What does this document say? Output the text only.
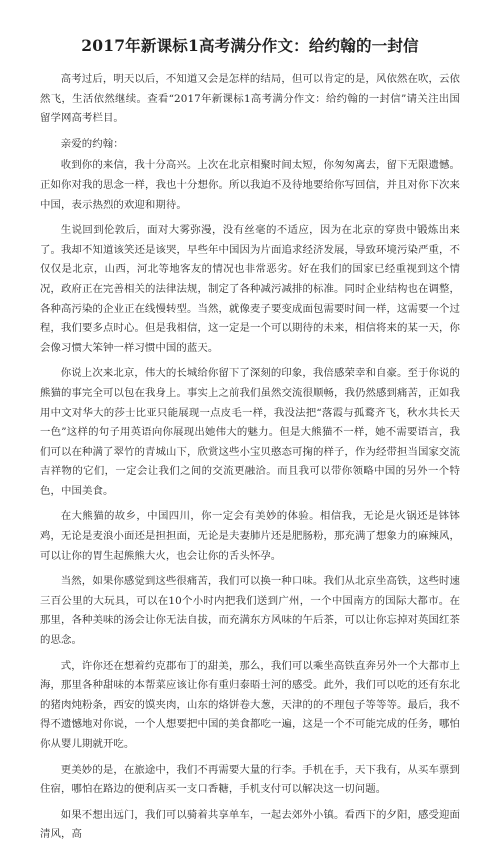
2017年新课标1高考满分作文：给约翰的一封信

高考过后，明天以后，不知道又会是怎样的结局，但可以肯定的是，风依然在吹，云依然飞，生活依然继续。查看“2017年新课标1高考满分作文：给约翰的一封信”请关注出国留学网高考栏目。

亲爱的约翰：

收到你的来信，我十分高兴。上次在北京相聚时间太短，你匆匆离去，留下无限遗憾。正如你对我的思念一样，我也十分想你。所以我迫不及待地要给你写回信，并且对你下次来中国，表示热烈的欢迎和期待。

生说回到伦敦后，面对大雾弥漫，没有丝毫的不适应，因为在北京的穿贵中锻炼出来了。我却不知道该笑还是该哭，早些年中国因为片面追求经济发展，导致环境污染严重，不仅仅是北京，山西，河北等地客友的情况也非常恶劣。好在我们的国家已经重视到这个情况，政府正在完善相关的法律法规，制定了各种减污减排的标准。同时企业结构也在调整，各种高污染的企业正在线慢转型。当然，就像麦子要变成面包需要时间一样，这需要一个过程，我们要多点时心。但是我相信，这一定是一个可以期待的未来，相信将来的某一天，你会像习惯大笨钟一样习惯中国的蓝天。

你说上次来北京，伟大的长城给你留下了深刻的印象，我倍感荣幸和自豪。至于你说的熊猫的事完全可以包在我身上。事实上之前我们虽然交流很顺畅，我仍然感到痛苦，正如我用中文对华大的莎士比亚只能展现一点皮毛一样，我没法把“落霞与孤鹜齐飞，秋水共长天一色”这样的句子用英语向你展现出她伟大的魅力。但是大熊猫不一样，她不需要语言，我们可以在种满了翠竹的青城山下，欣赏这些小宝贝憨态可掬的样子，作为经带担当国家交流吉祥物的它们，一定会让我们之间的交流更融洽。而且我可以带你领略中国的另外一个特色，中国美食。

在大熊猫的故乡，中国四川，你一定会有美妙的体验。相信我，无论是火锅还是钵钵鸡，无论是麦浪小面还是担担面，无论是夫妻肺片还是肥肠粉，那充满了想象力的麻辣风，可以让你的胃生起熊熊大火，也会让你的舌头怀孕。

当然，如果你感觉到这些很痛苦，我们可以换一种口味。我们从北京坐高铁，这些时速三百公里的大玩具，可以在10个小时内把我们送到广州，一个中国南方的国际大都市。在那里，各种美味的汤会让你无法自拔，而充满东方风味的午后茶，可以让你忘掉对英国红茶的思念。

式，许你还在想着约克郡布丁的甜美，那么，我们可以乘坐高铁直奔另外一个大都市上海，那里各种甜味的本帮菜应该让你有重归泰晤士河的感受。此外，我们可以吃的还有东北的猪肉炖粉条，西安的馍夹肉，山东的烙饼卷大葱，天津的的不理包子等等等。最后，我不得不遗憾地对你说，一个人想要把中国的美食都吃一遍，这是一个不可能完成的任务，哪怕你从婴儿期就开吃。

更美妙的是，在旅途中，我们不再需要大量的行李。手机在手，天下我有，从买车票到住宿，哪怕在路边的便利店买一支口香糖，手机支付可以解决这一切问题。

如果不想出远门，我们可以骑着共享单车，一起去郊外小镇。看西下的夕阳，感受迎面清风，高
